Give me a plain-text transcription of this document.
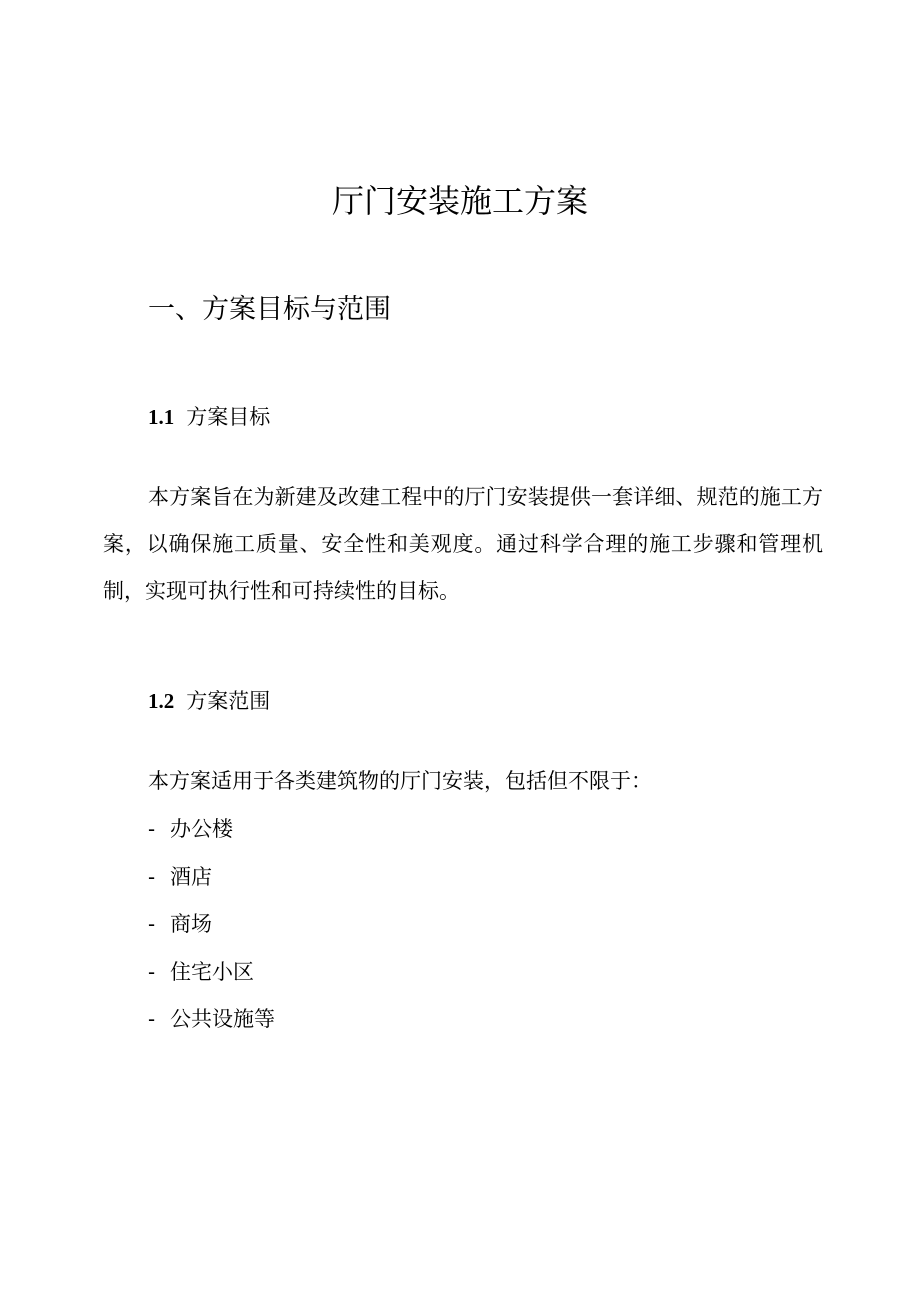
厅门安装施工方案
一、方案目标与范围
1.1 方案目标

本方案旨在为新建及改建工程中的厅门安装提供一套详细、规范的施工方案，以确保施工质量、安全性和美观度。通过科学合理的施工步骤和管理机制，实现可执行性和可持续性的目标。

1.2 方案范围

本方案适用于各类建筑物的厅门安装，包括但不限于：

- 办公楼
- 酒店
- 商场
- 住宅小区
- 公共设施等
